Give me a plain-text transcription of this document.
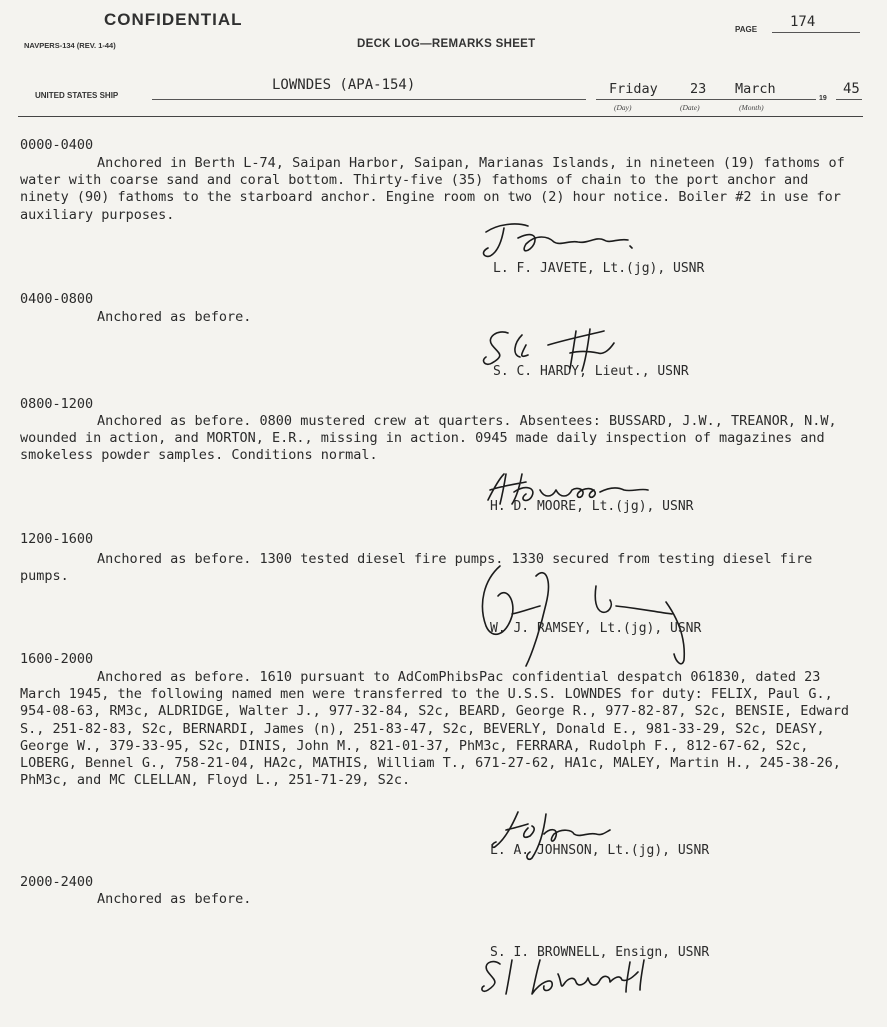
CONFIDENTIAL
NAVPERS-134 (REV. 1-44)	DECK LOG—REMARKS SHEET
PAGE 174
UNITED STATES SHIP
LOWNDES (APA-154)	Friday 23 March
(Day)	(Date)	(Month)
19
45
0000-0400

Anchored in Berth L-74, Saipan Harbor, Saipan, Marianas Islands, in nineteen (19) fathoms of water with coarse sand and coral bottom. Thirty-five (35) fathoms of chain to the port anchor and ninety (90) fathoms to the starboard anchor. Engine room on two (2) hour notice. Boiler #2 in use for auxiliary purposes.

L. F. JAVETE, Lt.(jg), USNR
0400-0800

Anchored as before.

S. C. HARDY, Lieut., USNR
0800-1200

Anchored as before. 0800 mustered crew at quarters. Absentees: BUSSARD, J.W., TREANOR, N.W, wounded in action, and MORTON, E.R., missing in action. 0945 made daily inspection of magazines and smokeless powder samples. Conditions normal.

H. D. MOORE, Lt.(jg), USNR
1200-1600

Anchored as before. 1300 tested diesel fire pumps. 1330 secured from testing diesel fire pumps.

W. J. RAMSEY, Lt.(jg), USNR
1600-2000

Anchored as before. 1610 pursuant to AdComPhibsPac confidential despatch 061830, dated 23 March 1945, the following named men were transferred to the U.S.S. LOWNDES for duty: FELIX, Paul G., 954-08-63, RM3c, ALDRIDGE, Walter J., 977-32-84, S2c, BEARD, George R., 977-82-87, S2c, BENSIE, Edward S., 251-82-83, S2c, BERNARDI, James (n), 251-83-47, S2c, BEVERLY, Donald E., 981-33-29, S2c, DEASY, George W., 379-33-95, S2c, DINIS, John M., 821-01-37, PhM3c, FERRARA, Rudolph F., 812-67-62, S2c, LOBERG, Bennel G., 758-21-04, HA2c, MATHIS, William T., 671-27-62, HA1c, MALEY, Martin H., 245-38-26, PhM3c, and MC CLELLAN, Floyd L., 251-71-29, S2c.

L. A. JOHNSON, Lt.(jg), USNR
2000-2400

Anchored as before.

S. I. BROWNELL, Ensign, USNR
